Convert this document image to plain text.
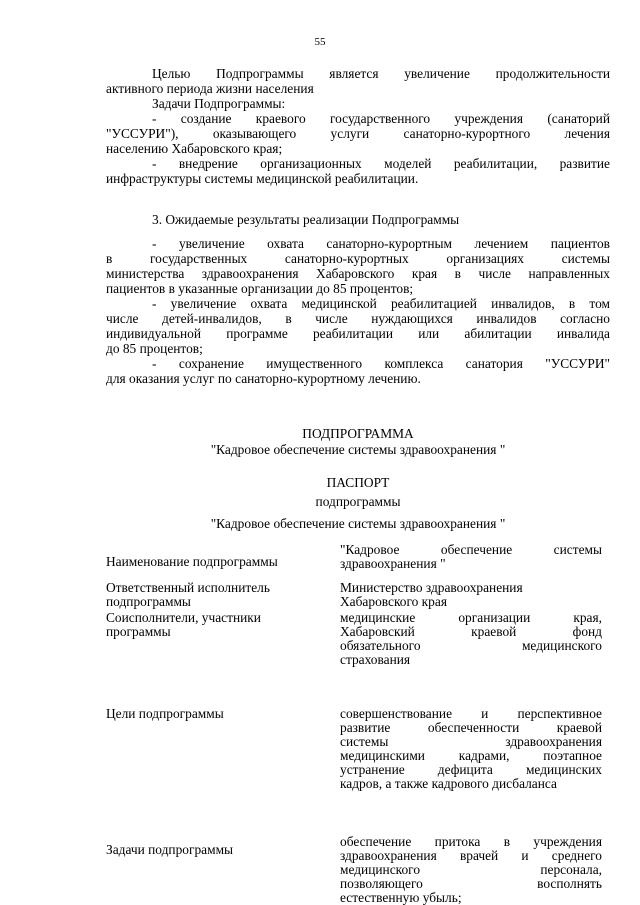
55
Целью Подпрограммы является увеличение продолжительности
активного периода жизни населения
Задачи Подпрограммы:
- создание краевого государственного учреждения (санаторий
"УССУРИ"), оказывающего услуги санаторно-курортного лечения
населению Хабаровского края;
- внедрение организационных моделей реабилитации, развитие
инфраструктуры системы медицинской реабилитации.
3. Ожидаемые результаты реализации Подпрограммы
- увеличение охвата санаторно-курортным лечением пациентов
в государственных санаторно-курортных организациях системы
министерства здравоохранения Хабаровского края в числе направленных
пациентов в указанные организации до 85 процентов;
- увеличение охвата медицинской реабилитацией инвалидов, в том
числе детей-инвалидов, в числе нуждающихся инвалидов согласно
индивидуальной программе реабилитации или абилитации инвалида
до 85 процентов;
- сохранение имущественного комплекса санатория "УССУРИ"
для оказания услуг по санаторно-курортному лечению.
ПОДПРОГРАММА
"Кадровое обеспечение системы здравоохранения "
ПАСПОРТ
подпрограммы
"Кадровое обеспечение системы здравоохранения "
Наименование подпрограммы
"Кадровое обеспечение системы
здравоохранения "
Ответственный исполнитель
подпрограммы
Министерство здравоохранения
Хабаровского края
Соисполнители, участники
программы
медицинские организации края,
Хабаровский краевой фонд
обязательного медицинского
страхования
Цели подпрограммы	совершенствование и перспективное
развитие обеспеченности краевой
системы здравоохранения
медицинскими кадрами, поэтапное
устранение дефицита медицинских
кадров, а также кадрового дисбаланса
Задачи подпрограммы
обеспечение притока в учреждения
здравоохранения врачей и среднего
медицинского персонала,
позволяющего восполнять
естественную убыль;
